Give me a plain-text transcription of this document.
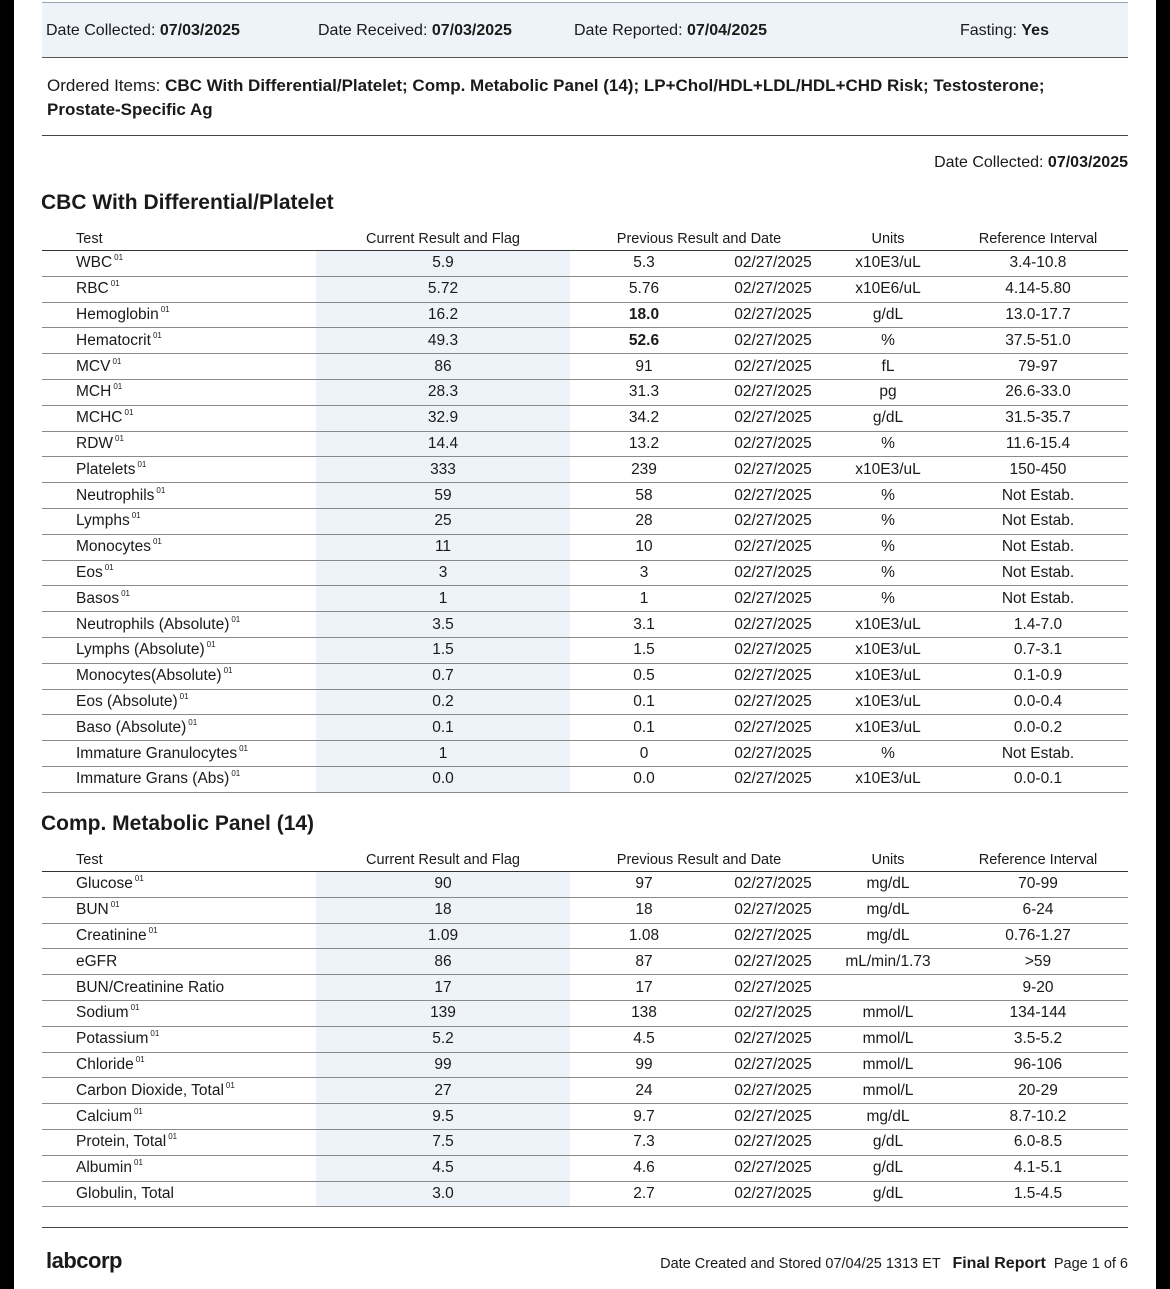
Date Collected: 07/03/2025	Date Received: 07/03/2025	Date Reported: 07/04/2025	Fasting: Yes
Ordered Items: CBC With Differential/Platelet; Comp. Metabolic Panel (14); LP+Chol/HDL+LDL/HDL+CHD Risk; Testosterone; Prostate-Specific Ag
Date Collected: 07/03/2025
CBC With Differential/Platelet
Test	Current Result and Flag	Previous Result and Date		Units	Reference Interval
WBC $^{01}$	5.9	5.3	02/27/2025	x10E3/uL	3.4-10.8
RBC $^{01}$	5.72	5.76	02/27/2025	x10E6/uL	4.14-5.80
Hemoglobin $^{01}$	16.2	18.0	02/27/2025	g/dL	13.0-17.7
Hematocrit $^{01}$	49.3	52.6	02/27/2025	%	37.5-51.0
MCV $^{01}$	86	91	02/27/2025	fL	79-97
MCH $^{01}$	28.3	31.3	02/27/2025	pg	26.6-33.0
MCHC $^{01}$	32.9	34.2	02/27/2025	g/dL	31.5-35.7
RDW $^{01}$	14.4	13.2	02/27/2025	%	11.6-15.4
Platelets $^{01}$	333	239	02/27/2025	x10E3/uL	150-450
Neutrophils $^{01}$	59	58	02/27/2025	%	Not Estab.
Lymphs $^{01}$	25	28	02/27/2025	%	Not Estab.
Monocytes $^{01}$	11	10	02/27/2025	%	Not Estab.
Eos $^{01}$	3	3	02/27/2025	%	Not Estab.
Basos $^{01}$	1	1	02/27/2025	%	Not Estab.
Neutrophils (Absolute) $^{01}$	3.5	3.1	02/27/2025	x10E3/uL	1.4-7.0
Lymphs (Absolute) $^{01}$	1.5	1.5	02/27/2025	x10E3/uL	0.7-3.1
Monocytes(Absolute) $^{01}$	0.7	0.5	02/27/2025	x10E3/uL	0.1-0.9
Eos (Absolute) $^{01}$	0.2	0.1	02/27/2025	x10E3/uL	0.0-0.4
Baso (Absolute) $^{01}$	0.1	0.1	02/27/2025	x10E3/uL	0.0-0.2
Immature Granulocytes $^{01}$	1	0	02/27/2025	%	Not Estab.
Immature Grans (Abs) $^{01}$	0.0	0.0	02/27/2025	x10E3/uL	0.0-0.1
Comp. Metabolic Panel (14)
Test	Current Result and Flag	Previous Result and Date		Units	Reference Interval
Glucose $^{01}$	90	97	02/27/2025	mg/dL	70-99
BUN $^{01}$	18	18	02/27/2025	mg/dL	6-24
Creatinine $^{01}$	1.09	1.08	02/27/2025	mg/dL	0.76-1.27
eGFR	86	87	02/27/2025	mL/min/1.73	>59
BUN/Creatinine Ratio	17	17	02/27/2025		9-20
Sodium $^{01}$	139	138	02/27/2025	mmol/L	134-144
Potassium $^{01}$	5.2	4.5	02/27/2025	mmol/L	3.5-5.2
Chloride $^{01}$	99	99	02/27/2025	mmol/L	96-106
Carbon Dioxide, Total $^{01}$	27	24	02/27/2025	mmol/L	20-29
Calcium $^{01}$	9.5	9.7	02/27/2025	mg/dL	8.7-10.2
Protein, Total $^{01}$	7.5	7.3	02/27/2025	g/dL	6.0-8.5
Albumin $^{01}$	4.5	4.6	02/27/2025	g/dL	4.1-5.1
Globulin, Total	3.0	2.7	02/27/2025	g/dL	1.5-4.5
labcorp	Date Created and Stored 07/04/25 1313 ET Final Report Page 1 of 6
